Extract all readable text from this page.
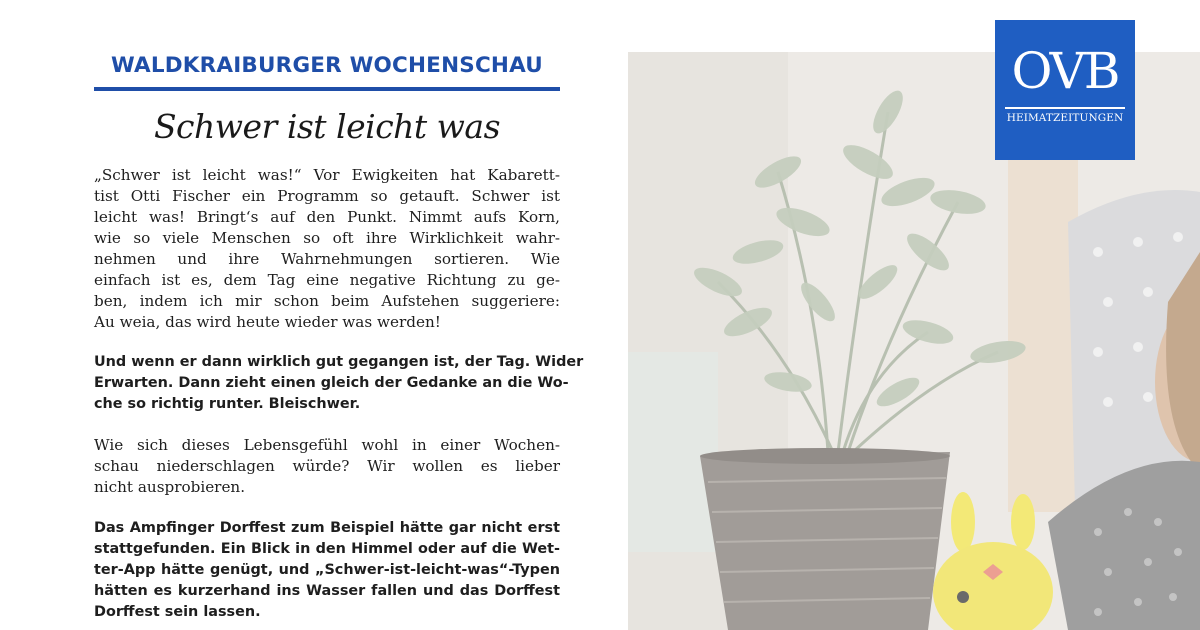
WALDKRAIBURGER WOCHENSCHAU
Schwer ist leicht was

„Schwer ist leicht was!“ Vor Ewigkeiten hat Kabarett-
tist Otti Fischer ein Programm so getauft. Schwer ist
leicht was! Bringt‘s auf den Punkt. Nimmt aufs Korn,
wie so viele Menschen so oft ihre Wirklichkeit wahr-
nehmen und ihre Wahrnehmungen sortieren. Wie
einfach ist es, dem Tag eine negative Richtung zu ge-
ben, indem ich mir schon beim Aufstehen suggeriere:
Au weia, das wird heute wieder was werden!

Und wenn er dann wirklich gut gegangen ist, der Tag. Wider
Erwarten. Dann zieht einen gleich der Gedanke an die Wo-
che so richtig runter. Bleischwer.

Wie sich dieses Lebensgefühl wohl in einer Wochen-
schau niederschlagen würde? Wir wollen es lieber
nicht ausprobieren.

Das Ampfinger Dorffest zum Beispiel hätte gar nicht erst
stattgefunden. Ein Blick in den Himmel oder auf die Wet-
ter-App hätte genügt, und „Schwer-ist-leicht-was“-Typen
hätten es kurzerhand ins Wasser fallen und das Dorffest
Dorffest sein lassen.

OVB
HEIMATZEITUNGEN
